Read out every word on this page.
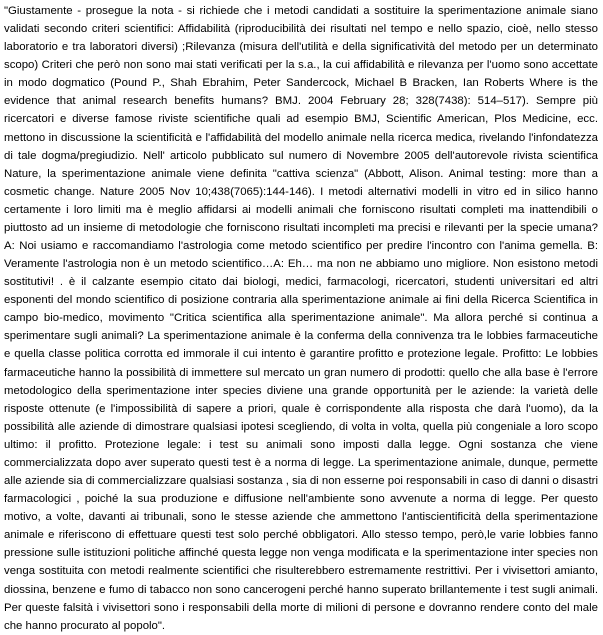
"Giustamente - prosegue la nota - si richiede che i metodi candidati a sostituire la sperimentazione animale siano validati secondo criteri scientifici: Affidabilità (riproducibilità dei risultati nel tempo e nello spazio, cioè, nello stesso laboratorio e tra laboratori diversi) ;Rilevanza (misura dell'utilità e della significatività del metodo per un determinato scopo) Criteri che però non sono mai stati verificati per la s.a., la cui affidabilità e rilevanza per l'uomo sono accettate in modo dogmatico (Pound P., Shah Ebrahim, Peter Sandercock, Michael B Bracken, Ian Roberts Where is the evidence that animal research benefits humans? BMJ. 2004 February 28; 328(7438): 514–517). Sempre più ricercatori e diverse famose riviste scientifiche quali ad esempio BMJ, Scientific American, Plos Medicine, ecc. mettono in discussione la scientificità e l'affidabilità del modello animale nella ricerca medica, rivelando l'infondatezza di tale dogma/pregiudizio. Nell' articolo pubblicato sul numero di Novembre 2005 dell'autorevole rivista scientifica Nature, la sperimentazione animale viene definita "cattiva scienza" (Abbott, Alison. Animal testing: more than a cosmetic change. Nature 2005 Nov 10;438(7065):144-146). I metodi alternativi modelli in vitro ed in silico hanno certamente i loro limiti ma è meglio affidarsi ai modelli animali che forniscono risultati completi ma inattendibili o piuttosto ad un insieme di metodologie che forniscono risultati incompleti ma precisi e rilevanti per la specie umana? A: Noi usiamo e raccomandiamo l'astrologia come metodo scientifico per predire l'incontro con l'anima gemella. B: Veramente l'astrologia non è un metodo scientifico…A: Eh… ma non ne abbiamo uno migliore. Non esistono metodi sostitutivi! . è il calzante esempio citato dai biologi, medici, farmacologi, ricercatori, studenti universitari ed altri esponenti del mondo scientifico di posizione contraria alla sperimentazione animale ai fini della Ricerca Scientifica in campo bio-medico, movimento "Critica scientifica alla sperimentazione animale". Ma allora perché si continua a sperimentare sugli animali? La sperimentazione animale è la conferma della connivenza tra le lobbies farmaceutiche e quella classe politica corrotta ed immorale il cui intento è garantire profitto e protezione legale. Profitto: Le lobbies farmaceutiche hanno la possibilità di immettere sul mercato un gran numero di prodotti: quello che alla base è l'errore metodologico della sperimentazione inter species diviene una grande opportunità per le aziende: la varietà delle risposte ottenute (e l'impossibilità di sapere a priori, quale è corrispondente alla risposta che darà l'uomo), da la possibilità alle aziende di dimostrare qualsiasi ipotesi scegliendo, di volta in volta, quella più congeniale a loro scopo ultimo: il profitto. Protezione legale: i test su animali sono imposti dalla legge. Ogni sostanza che viene commercializzata dopo aver superato questi test è a norma di legge. La sperimentazione animale, dunque, permette alle aziende sia di commercializzare qualsiasi sostanza , sia di non esserne poi responsabili in caso di danni o disastri farmacologici , poiché la sua produzione e diffusione nell'ambiente sono avvenute a norma di legge. Per questo motivo, a volte, davanti ai tribunali, sono le stesse aziende che ammettono l'antiscientificità della sperimentazione animale e riferiscono di effettuare questi test solo perché obbligatori. Allo stesso tempo, però,le varie lobbies fanno pressione sulle istituzioni politiche affinché questa legge non venga modificata e la sperimentazione inter species non venga sostituita con metodi realmente scientifici che risulterebbero estremamente restrittivi. Per i vivisettori amianto, diossina, benzene e fumo di tabacco non sono cancerogeni perché hanno superato brillantemente i test sugli animali. Per queste falsità i vivisettori sono i responsabili della morte di milioni di persone e dovranno rendere conto del male che hanno procurato al popolo".
